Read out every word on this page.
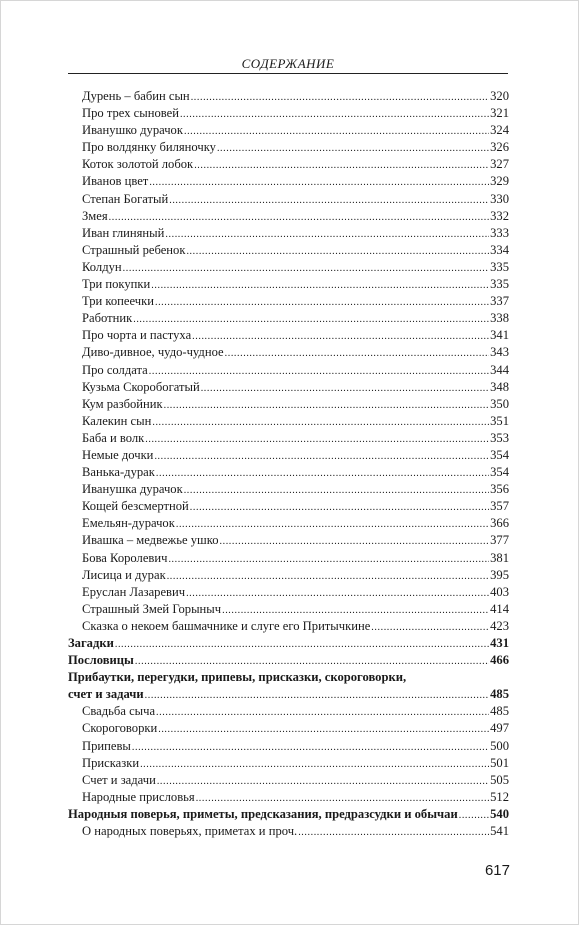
СОДЕРЖАНИЕ
Дурень – бабин сын .....	320
Про трех сыновей .....	321
Иванушко дурачок .....	324
Про волдянку биляночку .....	326
Коток золотой лобок .....	327
Иванов цвет .....	329
Степан Богатый .....	330
Змея .....	332
Иван глиняный .....	333
Страшный ребенок .....	334
Колдун .....	335
Три покупки .....	335
Три копеечки .....	337
Работник .....	338
Про чорта и пастуха .....	341
Диво-дивное, чудо-чудное .....	343
Про солдата .....	344
Кузьма Скоробогатый .....	348
Кум разбойник .....	350
Калекин сын .....	351
Баба и волк .....	353
Немые дочки .....	354
Ванька-дурак .....	354
Иванушка дурачок .....	356
Кощей безсмертной .....	357
Емельян-дурачок .....	366
Ивашка – медвежье ушко .....	377
Бова Королевич .....	381
Лисица и дурак .....	395
Еруслан Лазаревич .....	403
Страшный Змей Горыныч .....	414
Сказка о некоем башмачнике и слуге его Притычкине .....	423
Загадки .....	431
Пословицы .....	466
Прибаутки, перегудки, припевы, присказки, скороговорки,
счет и задачи .....	485
Свадьба сыча .....	485
Скороговорки .....	497
Припевы .....	500
Присказки .....	501
Счет и задачи .....	505
Народные присловья .....	512
Народныя поверья, приметы, предсказания, предразсудки и обычаи .....	540
О народных поверьях, приметах и проч. .....	541
617
